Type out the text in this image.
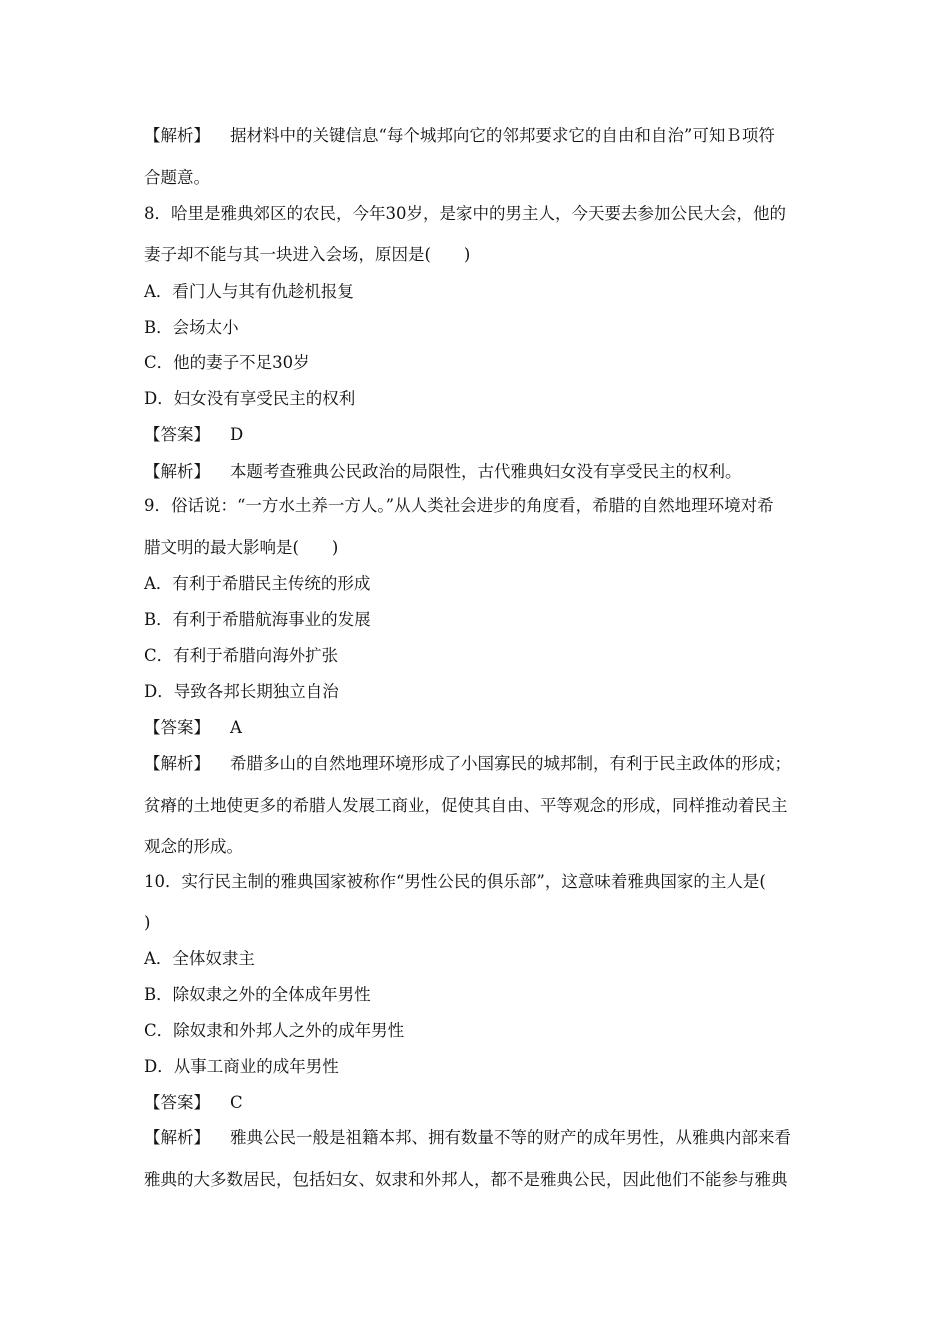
【解析】 据材料中的关键信息“每个城邦向它的邻邦要求它的自由和自治”可知Ｂ项符
合题意。
8．哈里是雅典郊区的农民，今年30岁，是家中的男主人，今天要去参加公民大会，他的
妻子却不能与其一块进入会场，原因是(　　)
A．看门人与其有仇趁机报复
B．会场太小
C．他的妻子不足30岁
D．妇女没有享受民主的权利
【答案】 D
【解析】 本题考查雅典公民政治的局限性，古代雅典妇女没有享受民主的权利。
9．俗话说：“一方水土养一方人。”从人类社会进步的角度看，希腊的自然地理环境对希
腊文明的最大影响是(　　)
A．有利于希腊民主传统的形成
B．有利于希腊航海事业的发展
C．有利于希腊向海外扩张
D．导致各邦长期独立自治
【答案】 A
【解析】 希腊多山的自然地理环境形成了小国寡民的城邦制，有利于民主政体的形成；
贫瘠的土地使更多的希腊人发展工商业，促使其自由、平等观念的形成，同样推动着民主
观念的形成。
10．实行民主制的雅典国家被称作“男性公民的俱乐部”，这意味着雅典国家的主人是(
)
A．全体奴隶主
B．除奴隶之外的全体成年男性
C．除奴隶和外邦人之外的成年男性
D．从事工商业的成年男性
【答案】 C
【解析】 雅典公民一般是祖籍本邦、拥有数量不等的财产的成年男性，从雅典内部来看
雅典的大多数居民，包括妇女、奴隶和外邦人，都不是雅典公民，因此他们不能参与雅典
